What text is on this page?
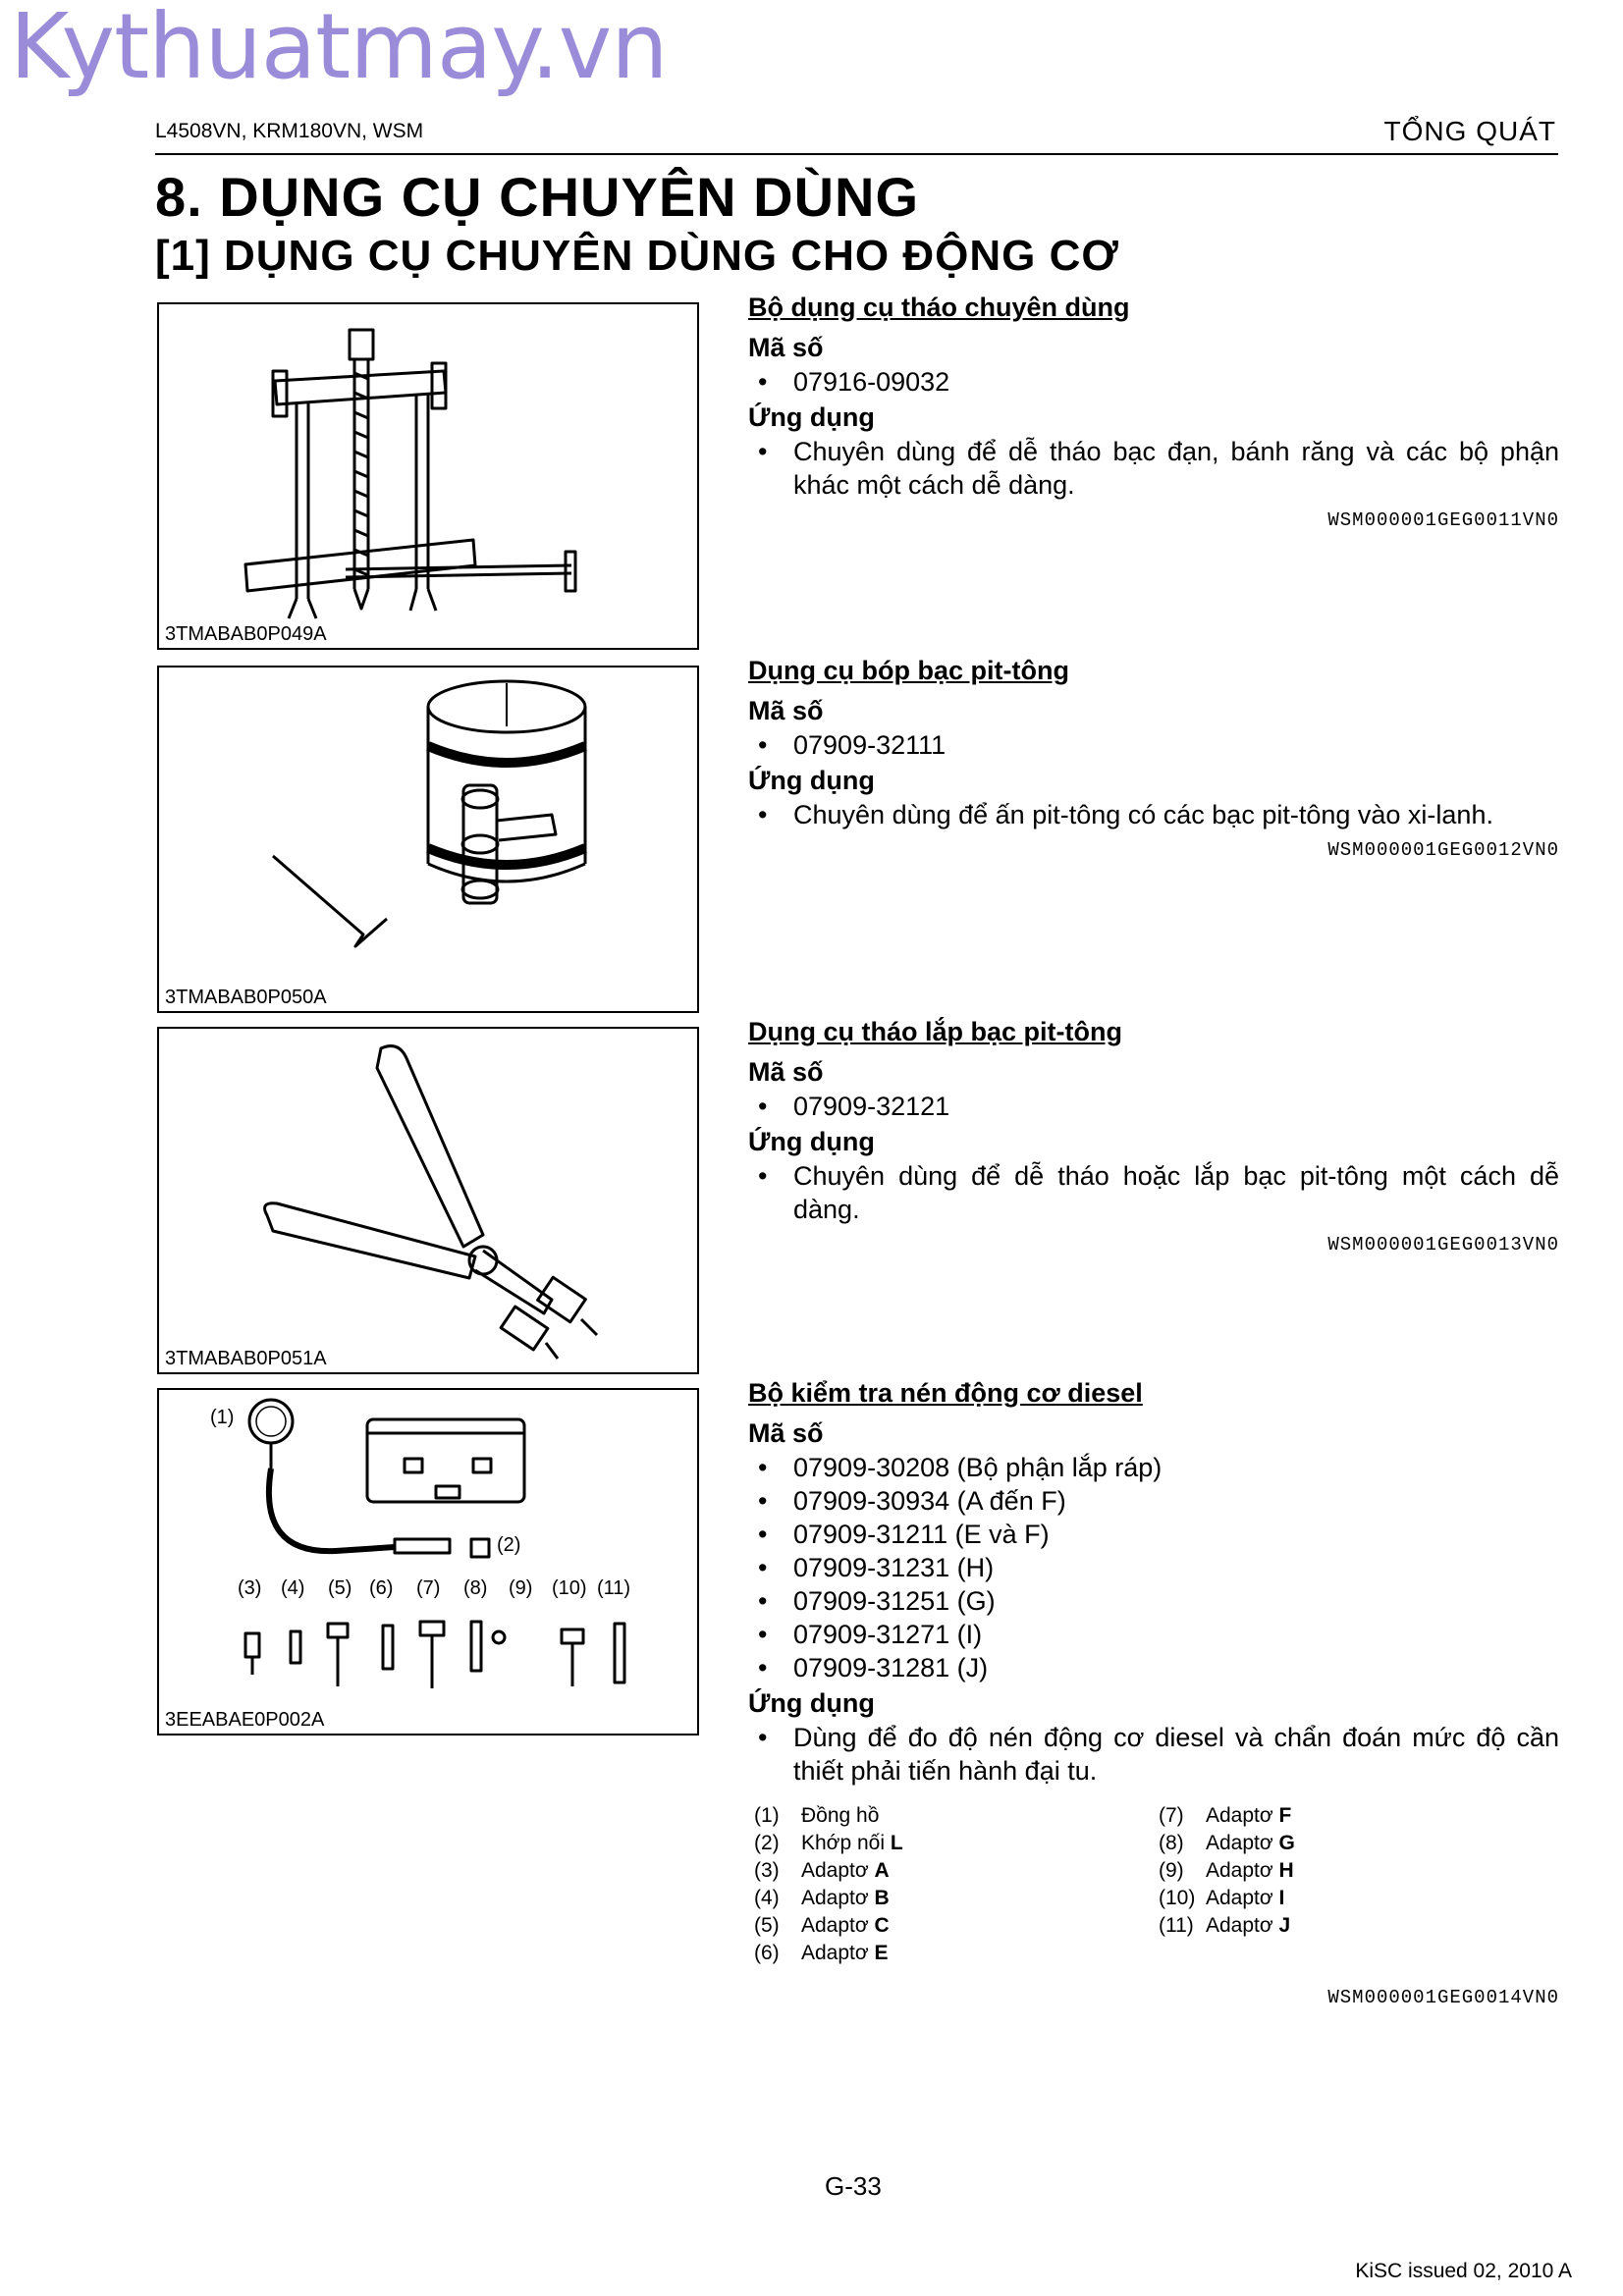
Kythuatmay.vn
L4508VN, KRM180VN, WSM	TỔNG QUÁT
8. DỤNG CỤ CHUYÊN DÙNG
[1] DỤNG CỤ CHUYÊN DÙNG CHO ĐỘNG CƠ
3TMABAB0P049A
3TMABAB0P050A
3TMABAB0P051A
(1)
(2)
(3) (4) (5) (6) (7) (8) (9) (10) (11)
3EEABAE0P002A
Bộ dụng cụ tháo chuyên dùng
Mã số
• 07916-09032
Ứng dụng
• Chuyên dùng để dễ tháo bạc đạn, bánh răng và các bộ phận khác một cách dễ dàng.
WSM000001GEG0011VN0
Dụng cụ bóp bạc pit-tông
Mã số
• 07909-32111
Ứng dụng
• Chuyên dùng để ấn pit-tông có các bạc pit-tông vào xi-lanh.
WSM000001GEG0012VN0
Dụng cụ tháo lắp bạc pit-tông
Mã số
• 07909-32121
Ứng dụng
• Chuyên dùng để dễ tháo hoặc lắp bạc pit-tông một cách dễ dàng.
WSM000001GEG0013VN0
Bộ kiểm tra nén động cơ diesel
Mã số
• 07909-30208 (Bộ phận lắp ráp)
• 07909-30934 (A đến F)
• 07909-31211 (E và F)
• 07909-31231 (H)
• 07909-31251 (G)
• 07909-31271 (I)
• 07909-31281 (J)
Ứng dụng
• Dùng để đo độ nén động cơ diesel và chẩn đoán mức độ cần thiết phải tiến hành đại tu.
(1) Đồng hồ
(2) Khớp nối L
(3) Adaptơ A
(4) Adaptơ B
(5) Adaptơ C
(6) Adaptơ E
(7) Adaptơ F
(8) Adaptơ G
(9) Adaptơ H
(10) Adaptơ I
(11) Adaptơ J
WSM000001GEG0014VN0
G-33
KiSC issued 02, 2010 A
